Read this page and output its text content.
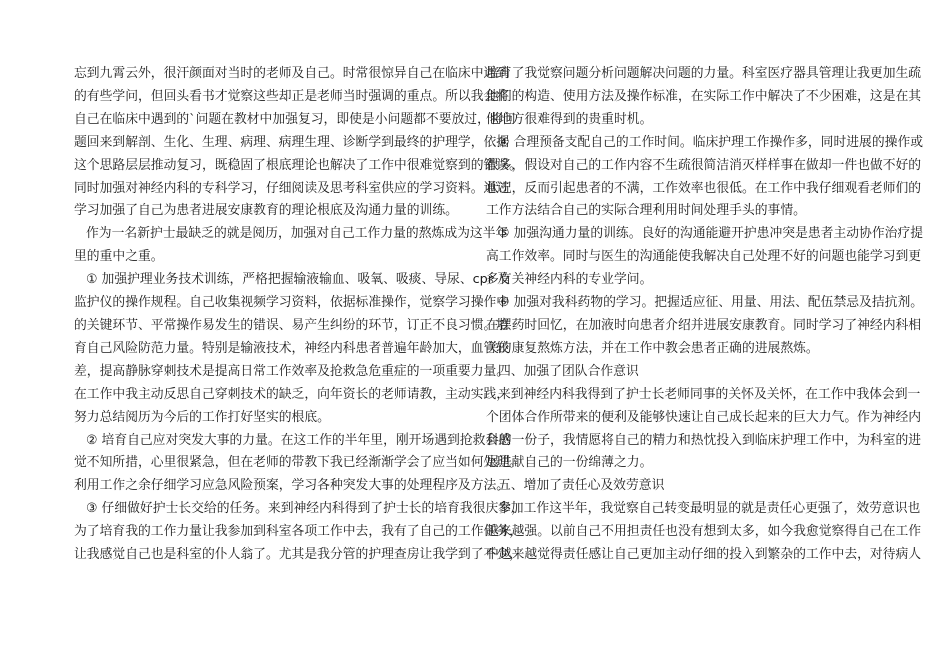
忘到九霄云外，很汗颜面对当时的老师及自己。时常很惊异自己在临床中遇到

的有些学问，但回头看书才觉察这些却正是老师当时强调的重点。所以我会将

自己在临床中遇到的`问题在教材中加强复习，即使是小问题都不要放过，将问

题回来到解剖、生化、生理、病理、病理生理、诊断学到最终的护理学，依据

这个思路层层推动复习，既稳固了根底理论也解决了工作中很难觉察到的错误。

同时加强对神经内科的专科学习，仔细阅读及思考科室供应的学习资料。通过

学习加强了自己为患者进展安康教育的理论根底及沟通力量的训练。

作为一名新护士最缺乏的就是阅历，加强对自己工作力量的熬炼成为这半年

里的重中之重。

① 加强护理业务技术训练，严格把握输液输血、吸氧、吸痰、导尿、cpr 及

监护仪的操作规程。自己收集视频学习资料，依据标准操作，觉察学习操作中

的关键环节、平常操作易发生的错误、易产生纠纷的环节，订正不良习惯。培

育自己风险防范力量。特别是输液技术，神经内科患者普遍年龄加大，血管较

差，提高静脉穿刺技术是提高日常工作效率及抢救急危重症的一项重要力量。

在工作中我主动反思自己穿刺技术的缺乏，向年资长的老师请教，主动实践，

努力总结阅历为今后的工作打好坚实的根底。

② 培育自己应对突发大事的力量。在这工作的半年里，刚开场遇到抢救会感

觉不知所措，心里很紧急，但在老师的带教下我已经渐渐学会了应当如何处理。

利用工作之余仔细学习应急风险预案，学习各种突发大事的处理程序及方法。

③ 仔细做好护士长交给的任务。来到神经内科得到了护士长的培育我很庆幸，

为了培育我的工作力量让我参加到科室各项工作中去，我有了自己的工作任务，

让我感觉自己也是科室的仆人翁了。尤其是我分管的护理查房让我学到了不少，

培育了我觉察问题分析问题解决问题的力量。科室医疗器具管理让我更加生疏

他们的构造、使用方法及操作标准，在实际工作中解决了不少困难，这是在其

他地方很难得到的贵重时机。

④ 合理预备支配自己的工作时间。临床护理工作操作多，同时进展的操作或

很多，假设对自己的工作内容不生疏很简洁消灭样样事在做却一件也做不好的

状况，反而引起患者的不满，工作效率也很低。在工作中我仔细观看老师们的

工作方法结合自己的实际合理利用时间处理手头的事情。

⑤ 加强沟通力量的训练。良好的沟通能避开护患冲突是患者主动协作治疗提

高工作效率。同时与医生的沟通能使我解决自己处理不好的问题也能学习到更

多有关神经内科的专业学问。

⑥ 加强对我科药物的学习。把握适应征、用量、用法、配伍禁忌及拮抗剂。

在摆药时回忆，在加液时向患者介绍并进展安康教育。同时学习了神经内科相

关的康复熬炼方法，并在工作中教会患者正确的进展熬炼。

四、加强了团队合作意识

来到神经内科我得到了护士长老师同事的关怀及关怀，在工作中我体会到一

个团体合作所带来的便利及能够快速让自己成长起来的巨大力气。作为神经内

科的一份子，我情愿将自己的精力和热忱投入到临床护理工作中，为科室的进

展进献自己的一份绵薄之力。

五、增加了责任心及效劳意识

参加工作这半年，我觉察自己转变最明显的就是责任心更强了，效劳意识也

越来越强。以前自己不用担责任也没有想到太多，如今我愈觉察得自己在工作

中越来越觉得责任感让自己更加主动仔细的投入到繁杂的工作中去，对待病人
